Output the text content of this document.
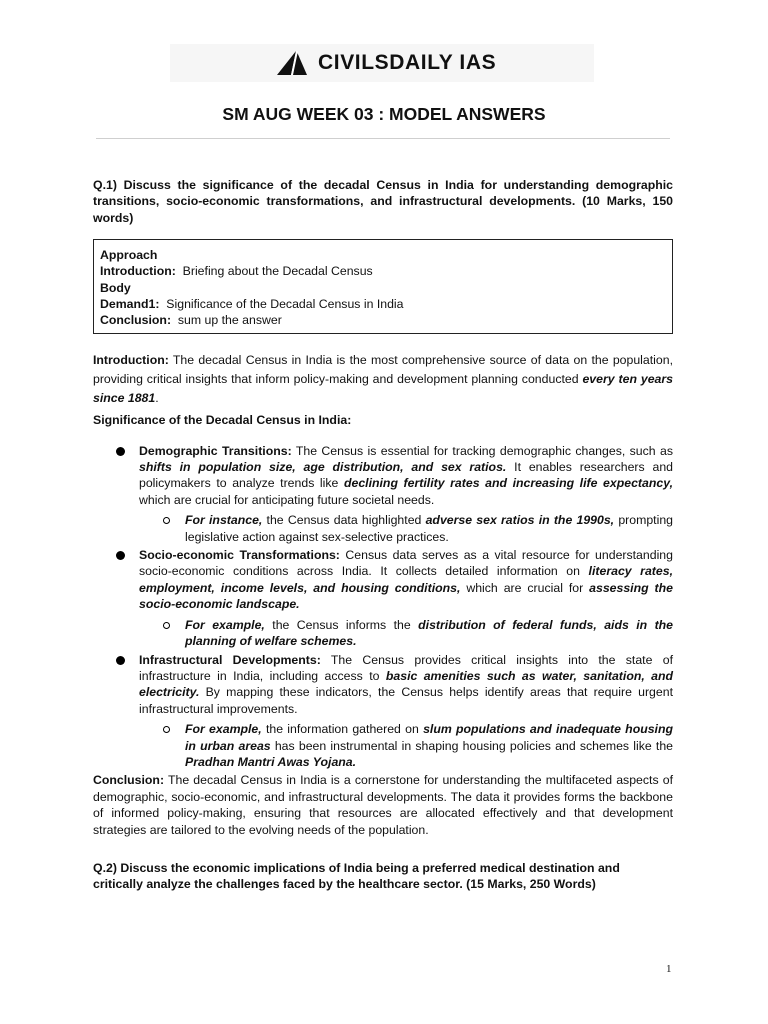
CIVILSDAILY IAS
SM AUG WEEK 03 : MODEL ANSWERS

Q.1) Discuss the significance of the decadal Census in India for understanding demographic transitions, socio-economic transformations, and infrastructural developments. (10 Marks, 150 words)

Approach
Introduction: Briefing about the Decadal Census
Body
Demand1: Significance of the Decadal Census in India
Conclusion: sum up the answer

Introduction: The decadal Census in India is the most comprehensive source of data on the population, providing critical insights that inform policy-making and development planning conducted every ten years since 1881.

Significance of the Decadal Census in India:

Demographic Transitions: The Census is essential for tracking demographic changes, such as shifts in population size, age distribution, and sex ratios. It enables researchers and policymakers to analyze trends like declining fertility rates and increasing life expectancy, which are crucial for anticipating future societal needs.
For instance, the Census data highlighted adverse sex ratios in the 1990s, prompting legislative action against sex-selective practices.
Socio-economic Transformations: Census data serves as a vital resource for understanding socio-economic conditions across India. It collects detailed information on literacy rates, employment, income levels, and housing conditions, which are crucial for assessing the socio-economic landscape.
For example, the Census informs the distribution of federal funds, aids in the planning of welfare schemes.
Infrastructural Developments: The Census provides critical insights into the state of infrastructure in India, including access to basic amenities such as water, sanitation, and electricity. By mapping these indicators, the Census helps identify areas that require urgent infrastructural improvements.
For example, the information gathered on slum populations and inadequate housing in urban areas has been instrumental in shaping housing policies and schemes like the Pradhan Mantri Awas Yojana.

Conclusion: The decadal Census in India is a cornerstone for understanding the multifaceted aspects of demographic, socio-economic, and infrastructural developments. The data it provides forms the backbone of informed policy-making, ensuring that resources are allocated effectively and that development strategies are tailored to the evolving needs of the population.

Q.2) Discuss the economic implications of India being a preferred medical destination and critically analyze the challenges faced by the healthcare sector. (15 Marks, 250 Words)

1
